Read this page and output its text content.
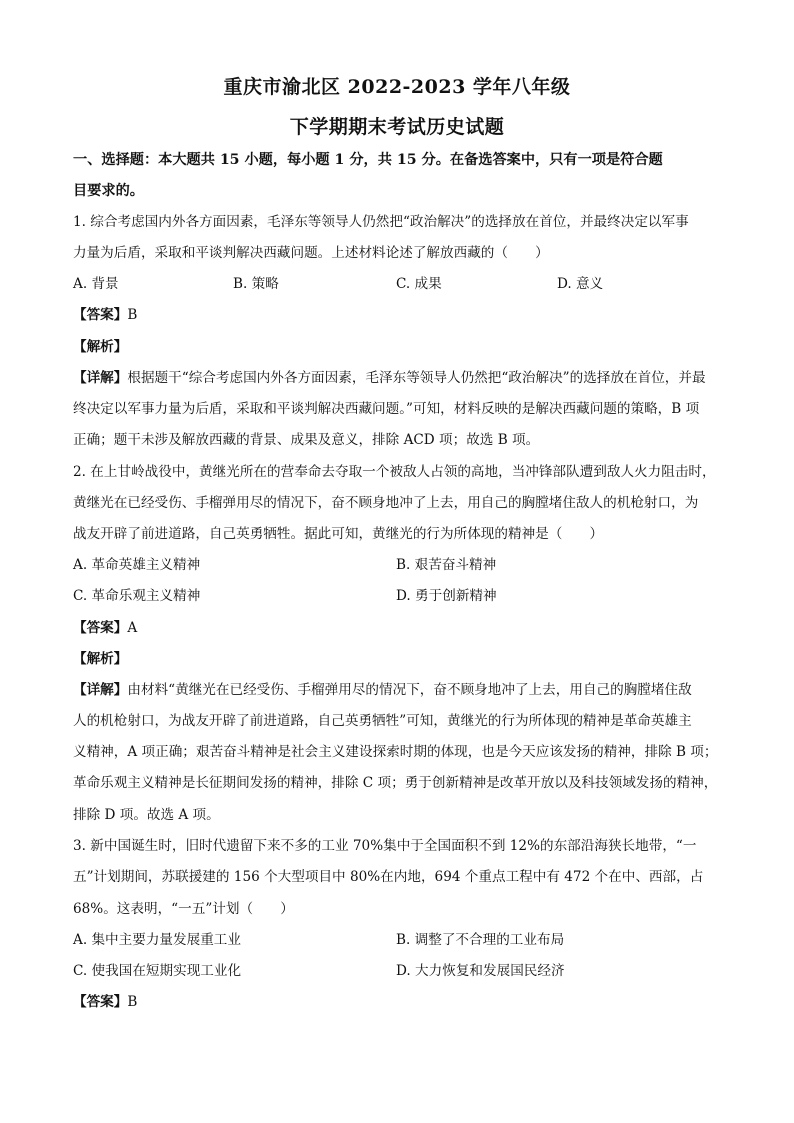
重庆市渝北区 2022-2023 学年八年级
下学期期末考试历史试题
一、选择题：本大题共 15 小题，每小题 1 分，共 15 分。在备选答案中，只有一项是符合题
目要求的。
1. 综合考虑国内外各方面因素，毛泽东等领导人仍然把“政治解决”的选择放在首位，并最终决定以军事
力量为后盾，采取和平谈判解决西藏问题。上述材料论述了解放西藏的（　　）
A. 背景	B. 策略	C. 成果	D. 意义
【答案】B
【解析】
【详解】根据题干“综合考虑国内外各方面因素，毛泽东等领导人仍然把“政治解决”的选择放在首位，并最
终决定以军事力量为后盾，采取和平谈判解决西藏问题。”可知，材料反映的是解决西藏问题的策略，B 项
正确；题干未涉及解放西藏的背景、成果及意义，排除 ACD 项；故选 B 项。
2. 在上甘岭战役中，黄继光所在的营奉命去夺取一个被敌人占领的高地，当冲锋部队遭到敌人火力阻击时，
黄继光在已经受伤、手榴弹用尽的情况下，奋不顾身地冲了上去，用自己的胸膛堵住敌人的机枪射口，为
战友开辟了前进道路，自己英勇牺牲。据此可知，黄继光的行为所体现的精神是（　　）
A. 革命英雄主义精神	B. 艰苦奋斗精神
C. 革命乐观主义精神	D. 勇于创新精神
【答案】A
【解析】
【详解】由材料“黄继光在已经受伤、手榴弹用尽的情况下，奋不顾身地冲了上去，用自己的胸膛堵住敌
人的机枪射口，为战友开辟了前进道路，自己英勇牺牲”可知，黄继光的行为所体现的精神是革命英雄主
义精神，A 项正确；艰苦奋斗精神是社会主义建设探索时期的体现，也是今天应该发扬的精神，排除 B 项；
革命乐观主义精神是长征期间发扬的精神，排除 C 项；勇于创新精神是改革开放以及科技领域发扬的精神，
排除 D 项。故选 A 项。
3. 新中国诞生时，旧时代遗留下来不多的工业 70%集中于全国面积不到 12%的东部沿海狭长地带，“一
五”计划期间，苏联援建的 156 个大型项目中 80%在内地，694 个重点工程中有 472 个在中、西部，占
68%。这表明，“一五”计划（　　）
A. 集中主要力量发展重工业	B. 调整了不合理的工业布局
C. 使我国在短期实现工业化	D. 大力恢复和发展国民经济
【答案】B
